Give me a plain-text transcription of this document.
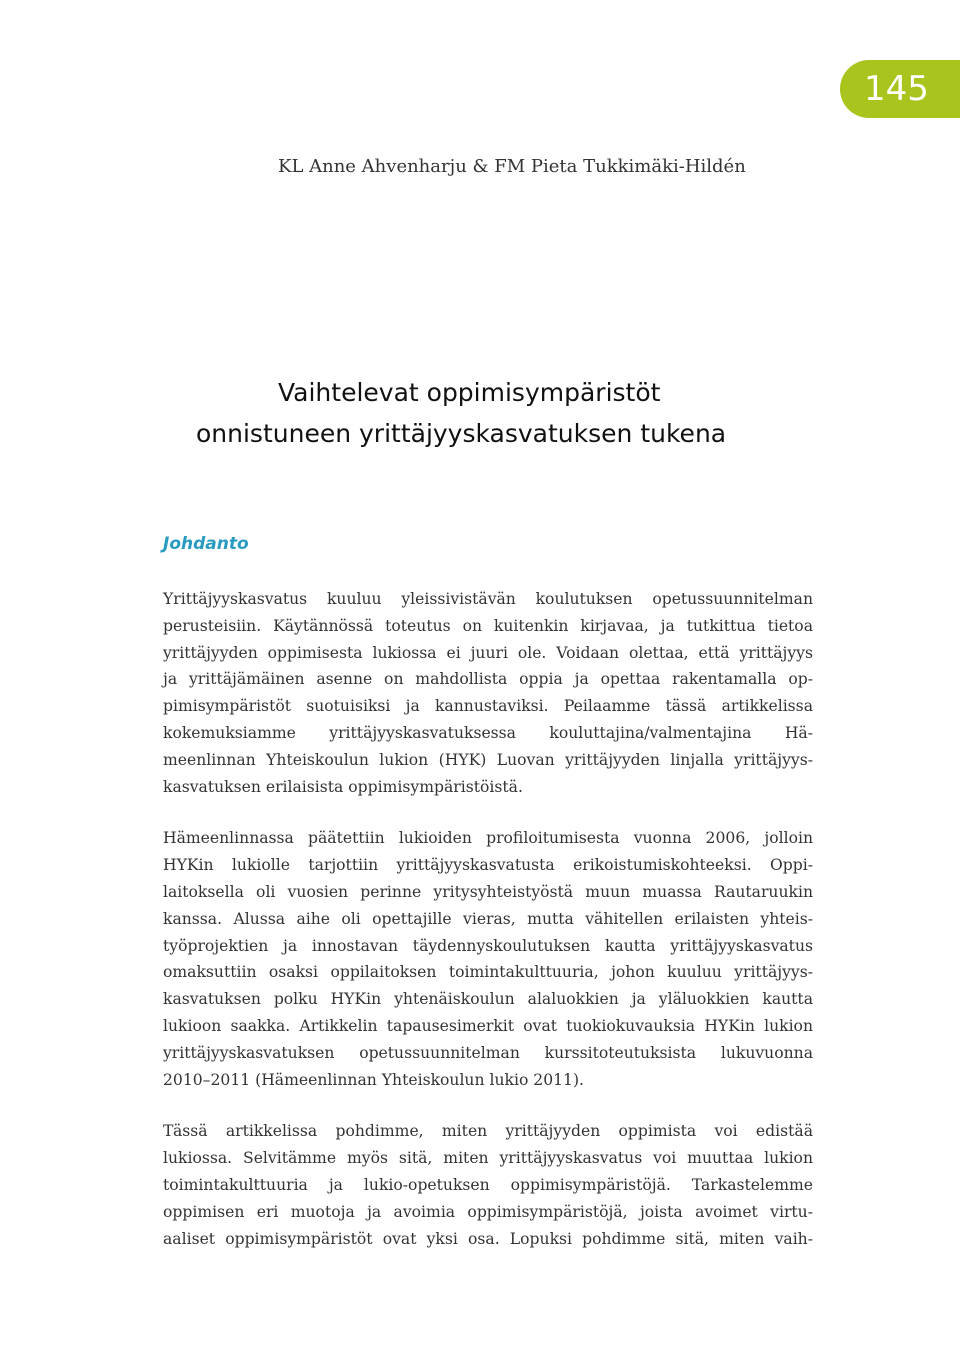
145
KL Anne Ahvenharju & FM Pieta Tukkimäki-Hildén
Vaihtelevat oppimisympäristöt
onnistuneen yrittäjyyskasvatuksen tukena
Johdanto

Yrittäjyyskasvatus kuuluu yleissivistävän koulutuksen opetussuunnitelman
perusteisiin. Käytännössä toteutus on kuitenkin kirjavaa, ja tutkittua tietoa
yrittäjyyden oppimisesta lukiossa ei juuri ole. Voidaan olettaa, että yrittäjyys
ja yrittäjämäinen asenne on mahdollista oppia ja opettaa rakentamalla op-
pimisympäristöt suotuisiksi ja kannustaviksi. Peilaamme tässä artikkelissa
kokemuksiamme yrittäjyyskasvatuksessa kouluttajina/valmentajina Hä-
meenlinnan Yhteiskoulun lukion (HYK) Luovan yrittäjyyden linjalla yrittäjyys-
kasvatuksen erilaisista oppimisympäristöistä.

Hämeenlinnassa päätettiin lukioiden profiloitumisesta vuonna 2006, jolloin
HYKin lukiolle tarjottiin yrittäjyyskasvatusta erikoistumiskohteeksi. Oppi-
laitoksella oli vuosien perinne yritysyhteistyöstä muun muassa Rautaruukin
kanssa. Alussa aihe oli opettajille vieras, mutta vähitellen erilaisten yhteis-
työprojektien ja innostavan täydennyskoulutuksen kautta yrittäjyyskasvatus
omaksuttiin osaksi oppilaitoksen toimintakulttuuria, johon kuuluu yrittäjyys-
kasvatuksen polku HYKin yhtenäiskoulun alaluokkien ja yläluokkien kautta
lukioon saakka. Artikkelin tapausesimerkit ovat tuokiokuvauksia HYKin lukion
yrittäjyyskasvatuksen opetussuunnitelman kurssitoteutuksista lukuvuonna
2010–2011 (Hämeenlinnan Yhteiskoulun lukio 2011).

Tässä artikkelissa pohdimme, miten yrittäjyyden oppimista voi edistää
lukiossa. Selvitämme myös sitä, miten yrittäjyyskasvatus voi muuttaa lukion
toimintakulttuuria ja lukio-opetuksen oppimisympäristöjä. Tarkastelemme
oppimisen eri muotoja ja avoimia oppimisympäristöjä, joista avoimet virtu-
aaliset oppimisympäristöt ovat yksi osa. Lopuksi pohdimme sitä, miten vaih-
